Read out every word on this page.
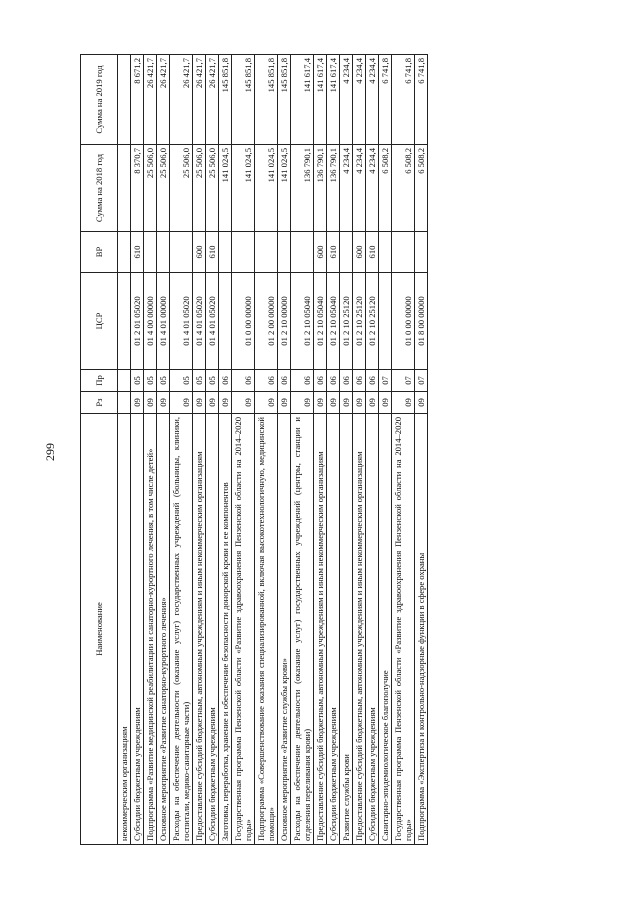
299
Наименование	Рз	Пр	ЦСР	ВР	Сумма на 2018 год	Сумма на 2019 год
некоммерческим организациям						
Субсидии бюджетным учреждениям	09	05	01 2 01 05020	610	8 370,7	8 671,2
Подпрограмма «Развитие медицинской реабилитации и санаторно-курортного лечения, в том числе детей»	09	05	01 4 00 00000		25 506,0	26 421,7
Основное мероприятие «Развитие санаторно-курортного лечения»	09	05	01 4 01 00000		25 506,0	26 421,7
Расходы на обеспечение деятельности (оказание услуг) государственных учреждений (больницы, клиники, госпитали, медико-санитарные части)	09	05	01 4 01 05020		25 506,0	26 421,7
Предоставление субсидий бюджетным, автономным учреждениям и иным некоммерческим организациям	09	05	01 4 01 05020	600	25 506,0	26 421,7
Субсидии бюджетным учреждениям	09	05	01 4 01 05020	610	25 506,0	26 421,7
Заготовка, переработка, хранение и обеспечение безопасности донорской крови и ее компонентов	09	06			141 024,5	145 851,8
Государственная программа Пензенской области «Развитие здравоохранения Пензенской области на 2014–2020 годы»	09	06	01 0 00 00000		141 024,5	145 851,8
Подпрограмма «Совершенствование оказания специализированной, включая высокотехнологичную, медицинской помощи»	09	06	01 2 00 00000		141 024,5	145 851,8
Основное мероприятие «Развитие службы крови»	09	06	01 2 10 00000		141 024,5	145 851,8
Расходы на обеспечение деятельности (оказание услуг) государственных учреждений (центры, станции и отделения переливания крови)	09	06	01 2 10 05040		136 790,1	141 617,4
Предоставление субсидий бюджетным, автономным учреждениям и иным некоммерческим организациям	09	06	01 2 10 05040	600	136 790,1	141 617,4
Субсидии бюджетным учреждениям	09	06	01 2 10 05040	610	136 790,1	141 617,4
Развитие службы крови	09	06	01 2 10 25120		4 234,4	4 234,4
Предоставление субсидий бюджетным, автономным учреждениям и иным некоммерческим организациям	09	06	01 2 10 25120	600	4 234,4	4 234,4
Субсидии бюджетным учреждениям	09	06	01 2 10 25120	610	4 234,4	4 234,4
Санитарно-эпидемиологическое благополучие	09	07			6 508,2	6 741,8
Государственная программа Пензенской области «Развитие здравоохранения Пензенской области на 2014–2020 годы»	09	07	01 0 00 00000		6 508,2	6 741,8
Подпрограмма «Экспертиза и контрольно-надзорные функции в сфере охраны	09	07	01 8 00 00000		6 508,2	6 741,8
